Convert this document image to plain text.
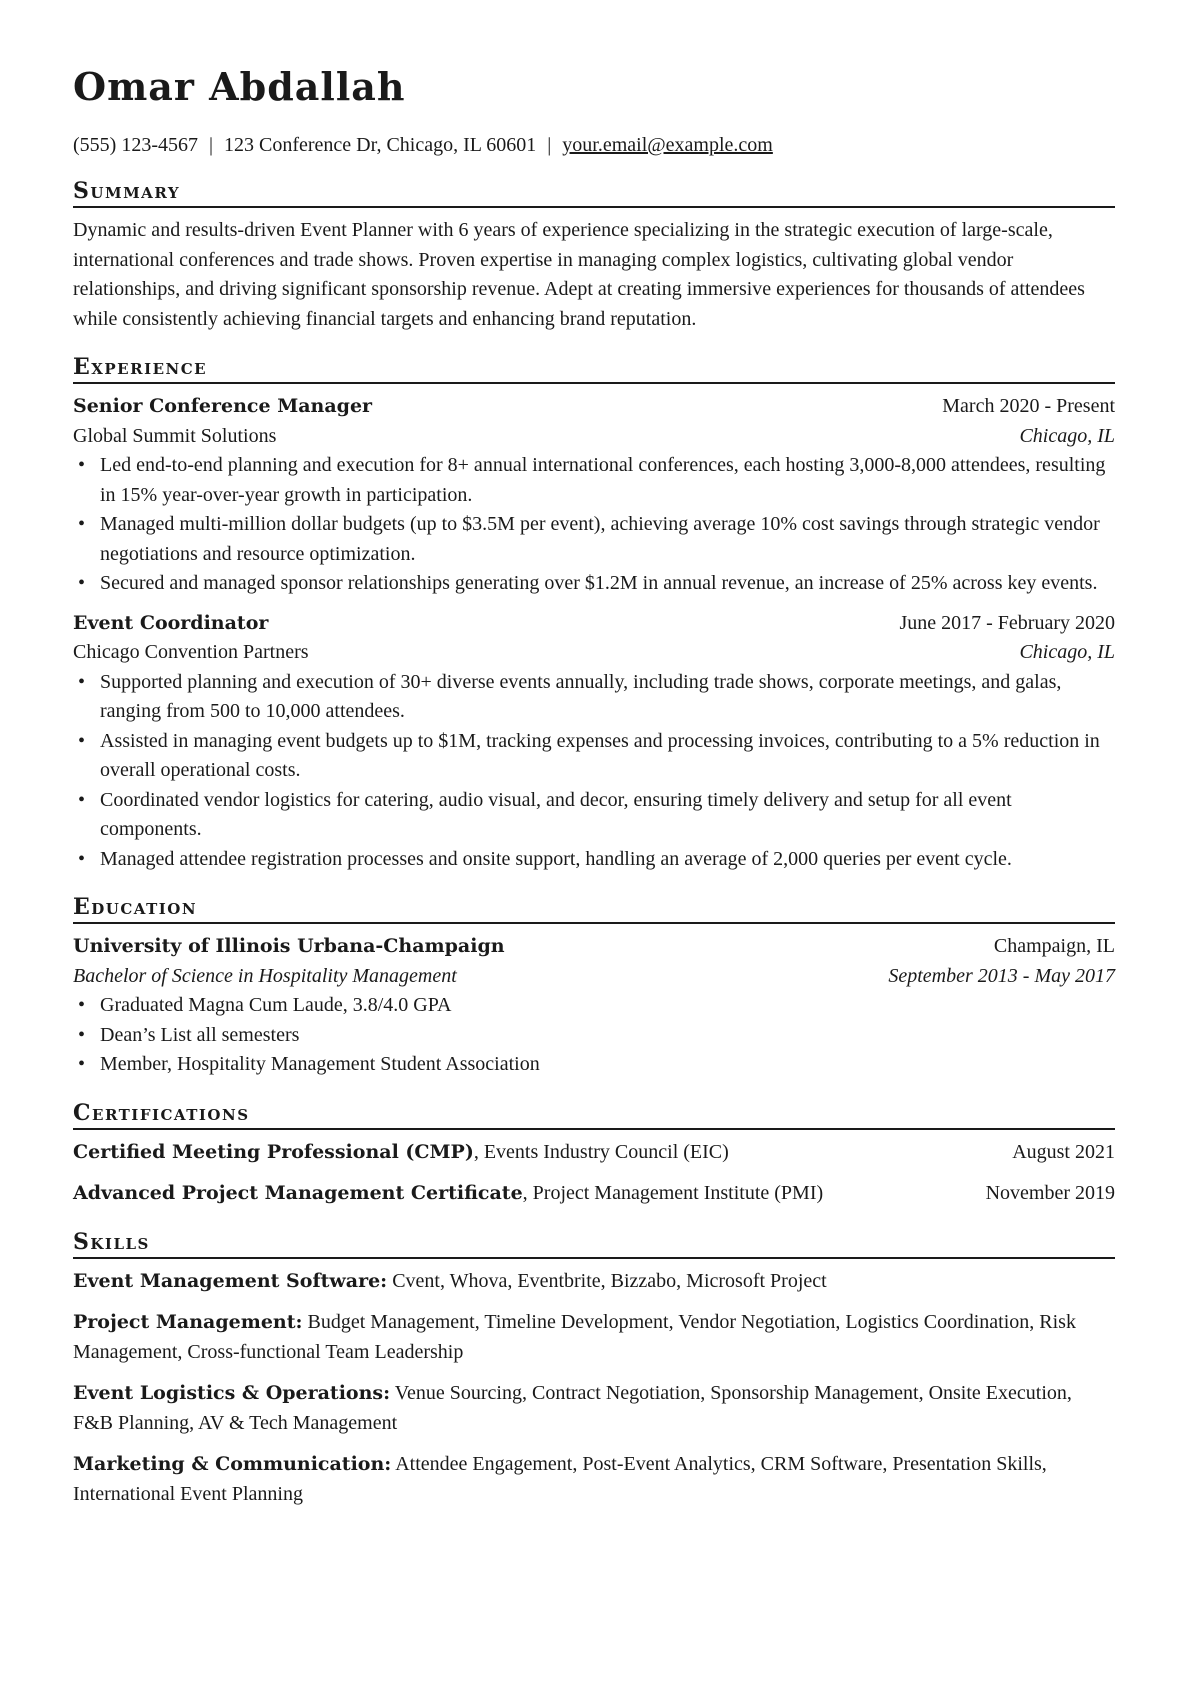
Omar Abdallah
(555) 123-4567 | 123 Conference Dr, Chicago, IL 60601 | your.email@example.com
Summary
Dynamic and results-driven Event Planner with 6 years of experience specializing in the strategic execution of large-scale, international conferences and trade shows. Proven expertise in managing complex logistics, cultivating global vendor relationships, and driving significant sponsorship revenue. Adept at creating immersive experiences for thousands of attendees while consistently achieving financial targets and enhancing brand reputation.
Experience
Senior Conference Manager	March 2020 - Present
Global Summit Solutions	Chicago, IL
• Led end-to-end planning and execution for 8+ annual international conferences, each hosting 3,000-8,000 attendees, resulting in 15% year-over-year growth in participation.
• Managed multi-million dollar budgets (up to $3.5M per event), achieving average 10% cost savings through strategic vendor negotiations and resource optimization.
• Secured and managed sponsor relationships generating over $1.2M in annual revenue, an increase of 25% across key events.
Event Coordinator	June 2017 - February 2020
Chicago Convention Partners	Chicago, IL
• Supported planning and execution of 30+ diverse events annually, including trade shows, corporate meetings, and galas, ranging from 500 to 10,000 attendees.
• Assisted in managing event budgets up to $1M, tracking expenses and processing invoices, contributing to a 5% reduction in overall operational costs.
• Coordinated vendor logistics for catering, audio visual, and decor, ensuring timely delivery and setup for all event components.
• Managed attendee registration processes and onsite support, handling an average of 2,000 queries per event cycle.
Education
University of Illinois Urbana-Champaign	Champaign, IL
Bachelor of Science in Hospitality Management	September 2013 - May 2017
• Graduated Magna Cum Laude, 3.8/4.0 GPA
• Dean’s List all semesters
• Member, Hospitality Management Student Association
Certifications
Certified Meeting Professional (CMP), Events Industry Council (EIC)	August 2021
Advanced Project Management Certificate, Project Management Institute (PMI)	November 2019
Skills
Event Management Software: Cvent, Whova, Eventbrite, Bizzabo, Microsoft Project
Project Management: Budget Management, Timeline Development, Vendor Negotiation, Logistics Coordination, Risk Management, Cross-functional Team Leadership
Event Logistics & Operations: Venue Sourcing, Contract Negotiation, Sponsorship Management, Onsite Execution, F&B Planning, AV & Tech Management
Marketing & Communication: Attendee Engagement, Post-Event Analytics, CRM Software, Presentation Skills, International Event Planning
